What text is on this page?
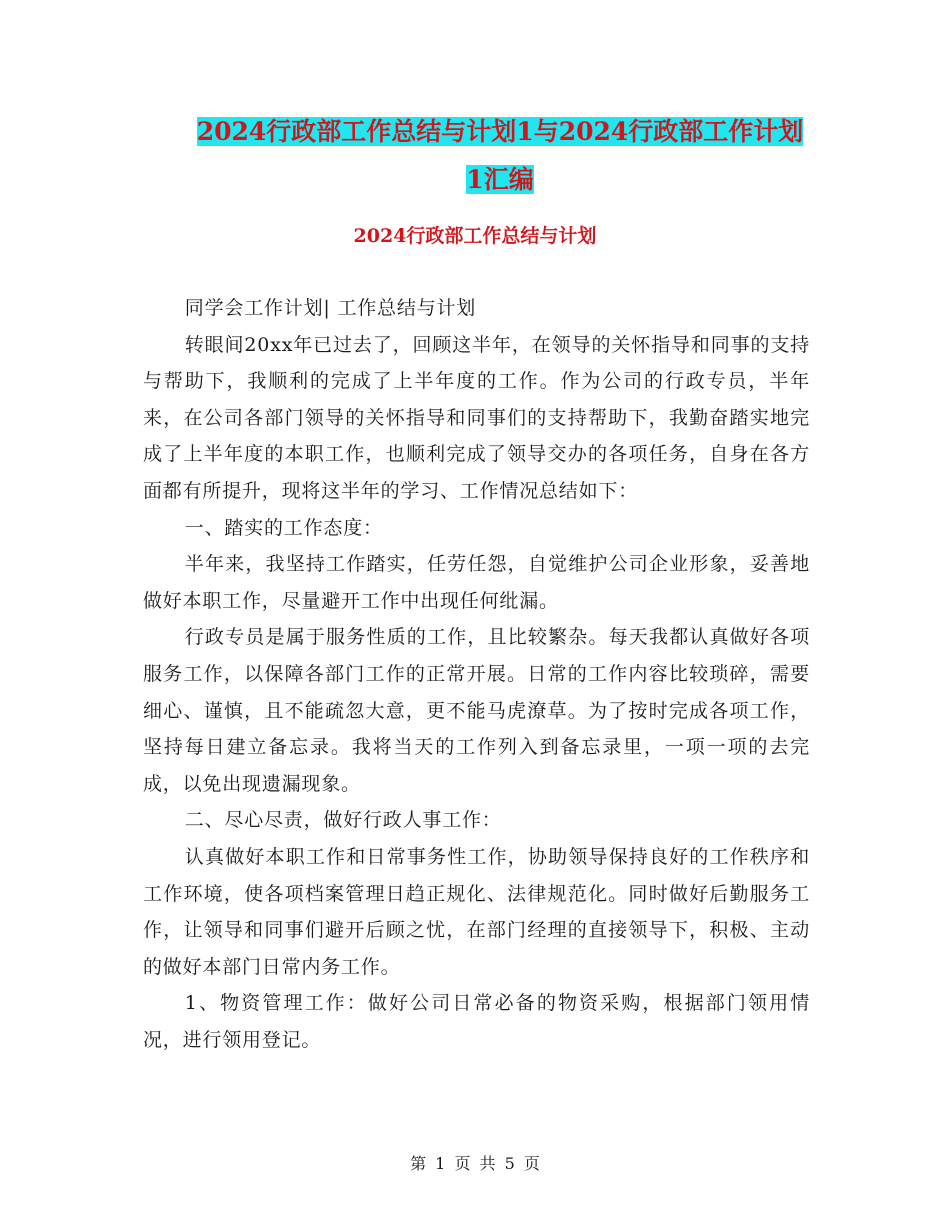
2024行政部工作总结与计划1与2024行政部工作计划
1汇编
2024行政部工作总结与计划

同学会工作计划| 工作总结与计划

转眼间20xx年已过去了，回顾这半年，在领导的关怀指导和同事的支持与帮助下，我顺利的完成了上半年度的工作。作为公司的行政专员，半年来，在公司各部门领导的关怀指导和同事们的支持帮助下，我勤奋踏实地完成了上半年度的本职工作，也顺利完成了领导交办的各项任务，自身在各方面都有所提升，现将这半年的学习、工作情况总结如下：

一、踏实的工作态度：

半年来，我坚持工作踏实，任劳任怨，自觉维护公司企业形象，妥善地做好本职工作，尽量避开工作中出现任何纰漏。

行政专员是属于服务性质的工作，且比较繁杂。每天我都认真做好各项服务工作，以保障各部门工作的正常开展。日常的工作内容比较琐碎，需要细心、谨慎，且不能疏忽大意，更不能马虎潦草。为了按时完成各项工作，坚持每日建立备忘录。我将当天的工作列入到备忘录里，一项一项的去完成，以免出现遗漏现象。

二、尽心尽责，做好行政人事工作：

认真做好本职工作和日常事务性工作，协助领导保持良好的工作秩序和工作环境，使各项档案管理日趋正规化、法律规范化。同时做好后勤服务工作，让领导和同事们避开后顾之忧，在部门经理的直接领导下，积极、主动的做好本部门日常内务工作。

1、物资管理工作：做好公司日常必备的物资采购，根据部门领用情况，进行领用登记。

第 1 页 共 5 页
